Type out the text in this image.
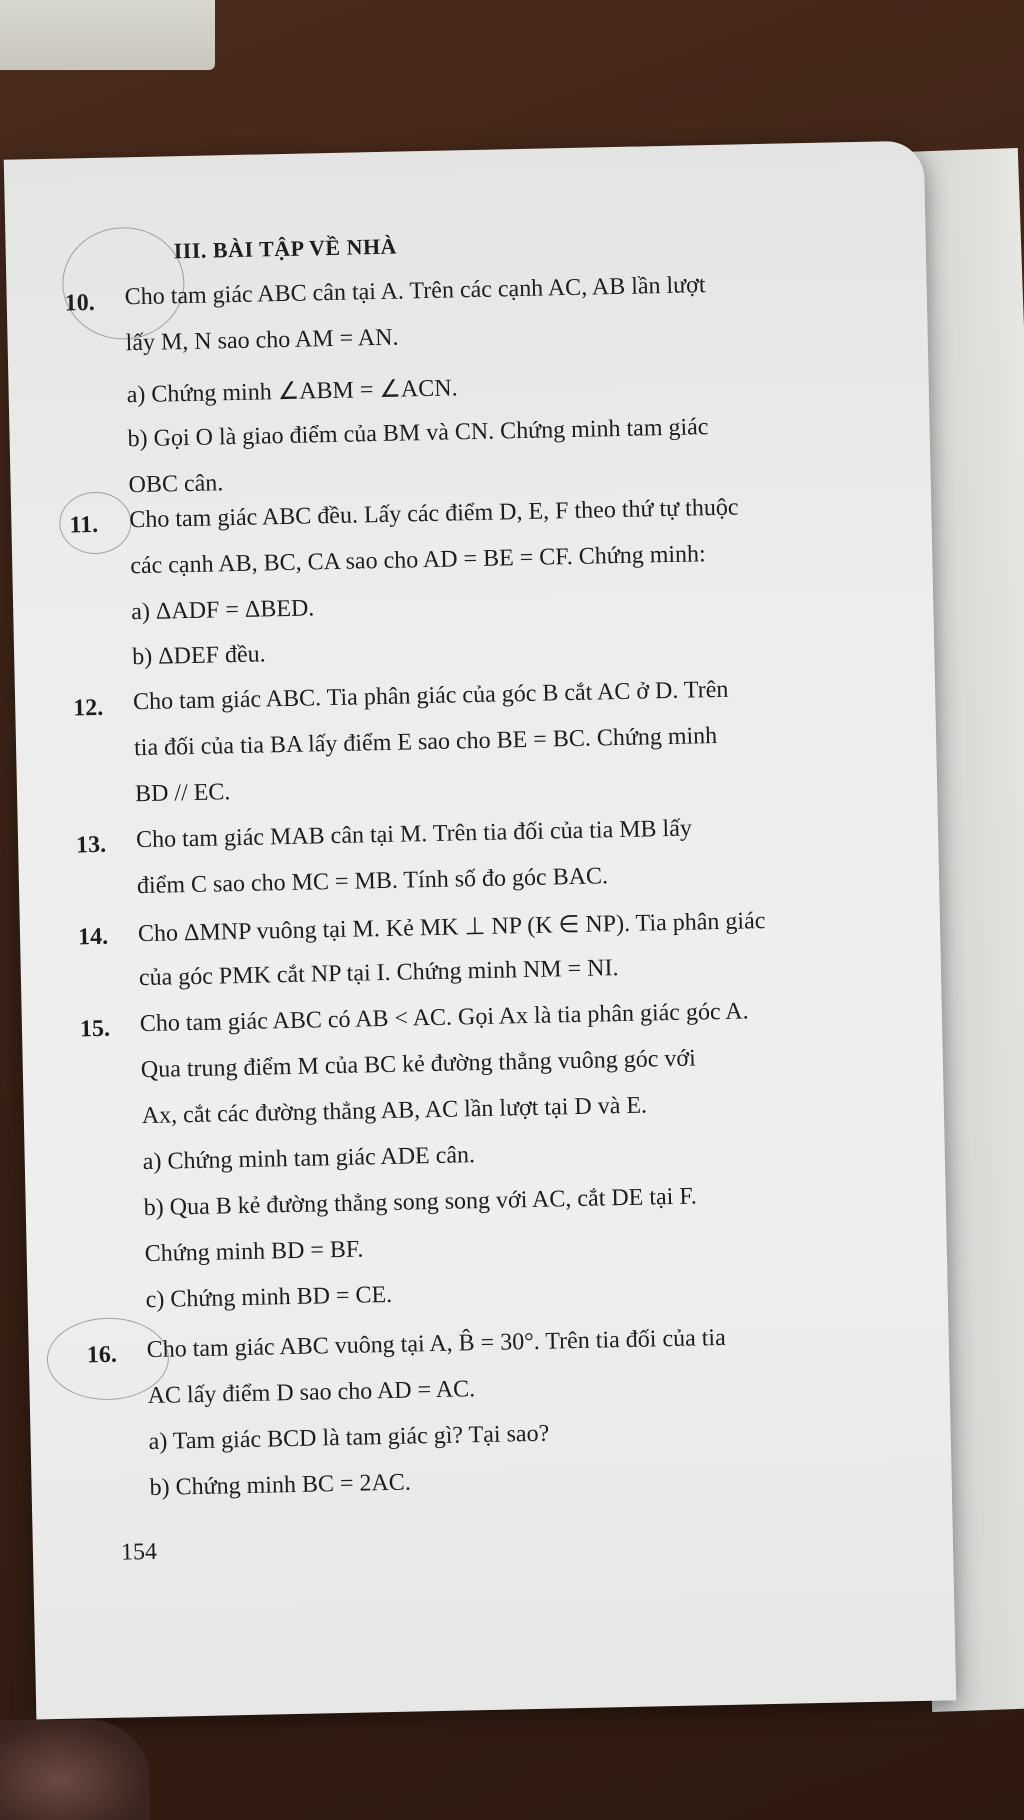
III. BÀI TẬP VỀ NHÀ
10. Cho tam giác ABC cân tại A. Trên các cạnh AC, AB lần lượt
lấy M, N sao cho AM = AN.
a) Chứng minh ∠ABM = ∠ACN.
b) Gọi O là giao điểm của BM và CN. Chứng minh tam giác
OBC cân.
11. Cho tam giác ABC đều. Lấy các điểm D, E, F theo thứ tự thuộc
các cạnh AB, BC, CA sao cho AD = BE = CF. Chứng minh:
a) ΔADF = ΔBED.
b) ΔDEF đều.
12. Cho tam giác ABC. Tia phân giác của góc B cắt AC ở D. Trên
tia đối của tia BA lấy điểm E sao cho BE = BC. Chứng minh
BD // EC.
13. Cho tam giác MAB cân tại M. Trên tia đối của tia MB lấy
điểm C sao cho MC = MB. Tính số đo góc BAC.
14. Cho ΔMNP vuông tại M. Kẻ MK ⊥ NP (K ∈ NP). Tia phân giác
của góc PMK cắt NP tại I. Chứng minh NM = NI.
15. Cho tam giác ABC có AB < AC. Gọi Ax là tia phân giác góc A.
Qua trung điểm M của BC kẻ đường thẳng vuông góc với
Ax, cắt các đường thẳng AB, AC lần lượt tại D và E.
a) Chứng minh tam giác ADE cân.
b) Qua B kẻ đường thẳng song song với AC, cắt DE tại F.
Chứng minh BD = BF.
c) Chứng minh BD = CE.
16. Cho tam giác ABC vuông tại A, B̂ = 30°. Trên tia đối của tia
AC lấy điểm D sao cho AD = AC.
a) Tam giác BCD là tam giác gì? Tại sao?
b) Chứng minh BC = 2AC.
154
